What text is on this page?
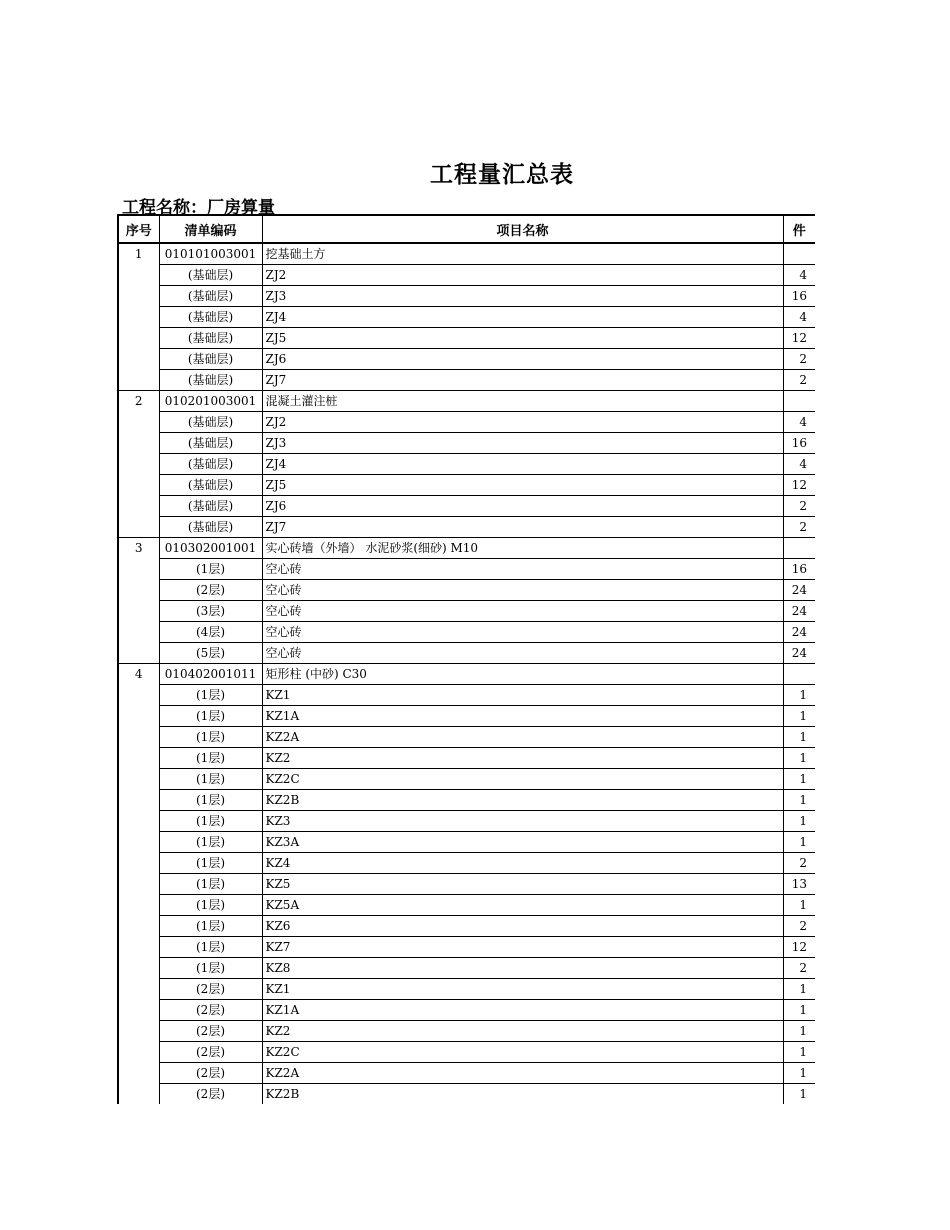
工程量汇总表
工程名称：厂房算量
序号	清单编码	项目名称	件
1	010101003001	挖基础土方	
	(基础层)	ZJ2	4
	(基础层)	ZJ3	16
	(基础层)	ZJ4	4
	(基础层)	ZJ5	12
	(基础层)	ZJ6	2
	(基础层)	ZJ7	2
2	010201003001	混凝土灌注桩	
	(基础层)	ZJ2	4
	(基础层)	ZJ3	16
	(基础层)	ZJ4	4
	(基础层)	ZJ5	12
	(基础层)	ZJ6	2
	(基础层)	ZJ7	2
3	010302001001	实心砖墙（外墙） 水泥砂浆(细砂) M10	
	(1层)	空心砖	16
	(2层)	空心砖	24
	(3层)	空心砖	24
	(4层)	空心砖	24
	(5层)	空心砖	24
4	010402001011	矩形柱 (中砂) C30	
	(1层)	KZ1	1
	(1层)	KZ1A	1
	(1层)	KZ2A	1
	(1层)	KZ2	1
	(1层)	KZ2C	1
	(1层)	KZ2B	1
	(1层)	KZ3	1
	(1层)	KZ3A	1
	(1层)	KZ4	2
	(1层)	KZ5	13
	(1层)	KZ5A	1
	(1层)	KZ6	2
	(1层)	KZ7	12
	(1层)	KZ8	2
	(2层)	KZ1	1
	(2层)	KZ1A	1
	(2层)	KZ2	1
	(2层)	KZ2C	1
	(2层)	KZ2A	1
	(2层)	KZ2B	1
